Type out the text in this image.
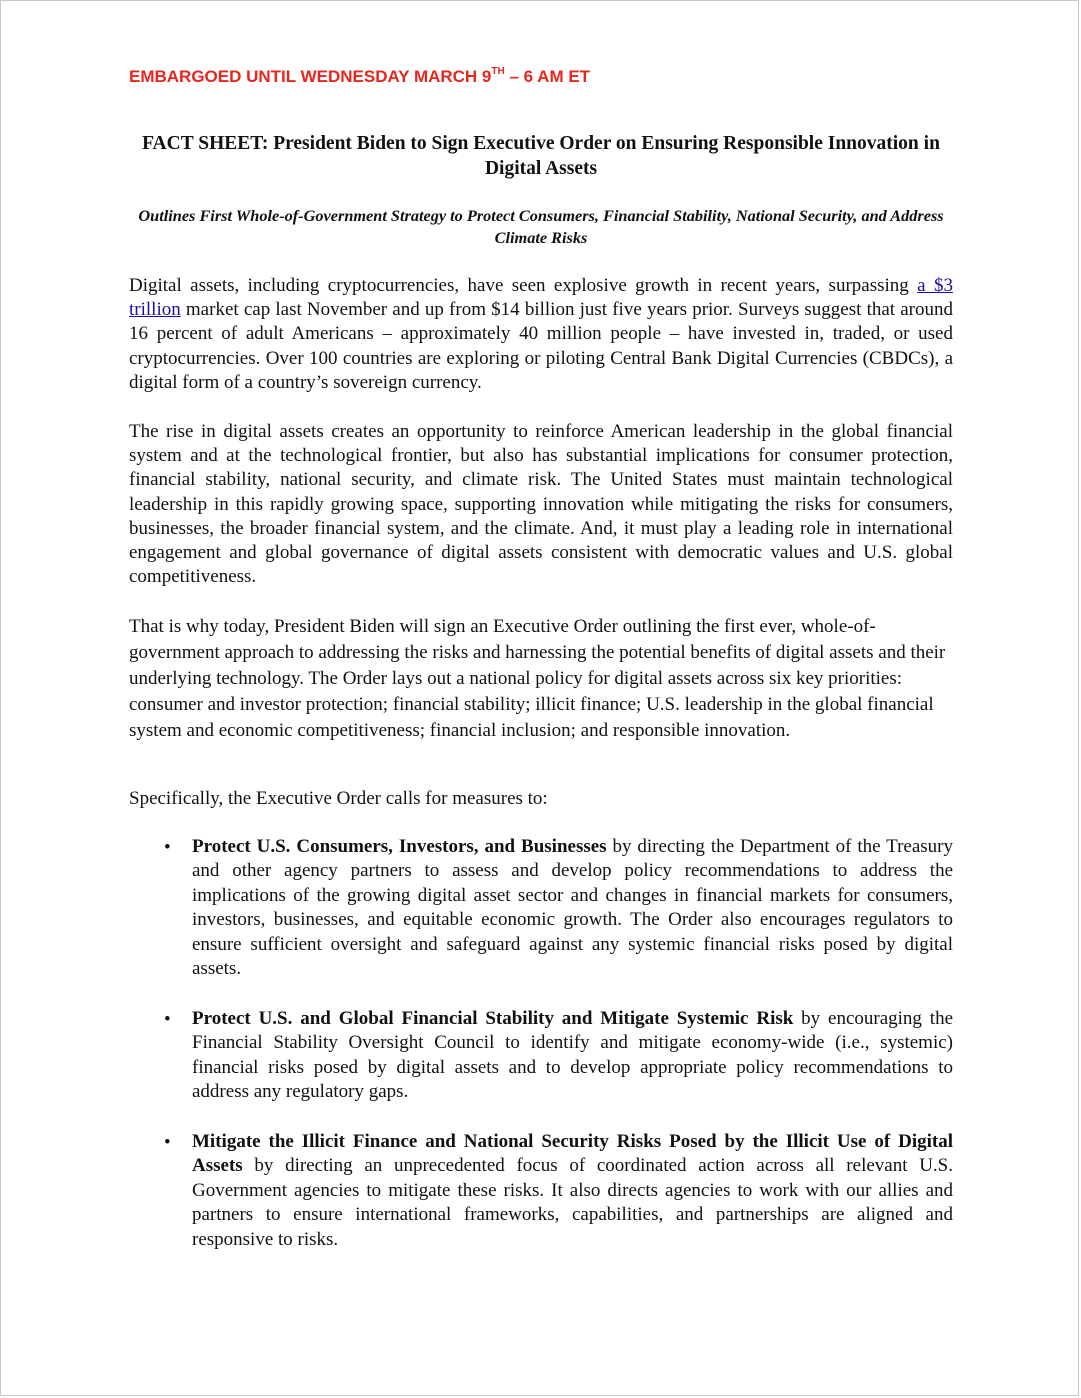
EMBARGOED UNTIL WEDNESDAY MARCH 9TH – 6 AM ET
FACT SHEET: President Biden to Sign Executive Order on Ensuring Responsible Innovation in Digital Assets
Outlines First Whole-of-Government Strategy to Protect Consumers, Financial Stability, National Security, and Address Climate Risks
Digital assets, including cryptocurrencies, have seen explosive growth in recent years, surpassing a $3 trillion market cap last November and up from $14 billion just five years prior. Surveys suggest that around 16 percent of adult Americans – approximately 40 million people – have invested in, traded, or used cryptocurrencies. Over 100 countries are exploring or piloting Central Bank Digital Currencies (CBDCs), a digital form of a country’s sovereign currency.
The rise in digital assets creates an opportunity to reinforce American leadership in the global financial system and at the technological frontier, but also has substantial implications for consumer protection, financial stability, national security, and climate risk. The United States must maintain technological leadership in this rapidly growing space, supporting innovation while mitigating the risks for consumers, businesses, the broader financial system, and the climate. And, it must play a leading role in international engagement and global governance of digital assets consistent with democratic values and U.S. global competitiveness.
That is why today, President Biden will sign an Executive Order outlining the first ever, whole-of-government approach to addressing the risks and harnessing the potential benefits of digital assets and their underlying technology. The Order lays out a national policy for digital assets across six key priorities: consumer and investor protection; financial stability; illicit finance; U.S. leadership in the global financial system and economic competitiveness; financial inclusion; and responsible innovation.
Specifically, the Executive Order calls for measures to:
• Protect U.S. Consumers, Investors, and Businesses by directing the Department of the Treasury and other agency partners to assess and develop policy recommendations to address the implications of the growing digital asset sector and changes in financial markets for consumers, investors, businesses, and equitable economic growth. The Order also encourages regulators to ensure sufficient oversight and safeguard against any systemic financial risks posed by digital assets.
• Protect U.S. and Global Financial Stability and Mitigate Systemic Risk by encouraging the Financial Stability Oversight Council to identify and mitigate economy-wide (i.e., systemic) financial risks posed by digital assets and to develop appropriate policy recommendations to address any regulatory gaps.
• Mitigate the Illicit Finance and National Security Risks Posed by the Illicit Use of Digital Assets by directing an unprecedented focus of coordinated action across all relevant U.S. Government agencies to mitigate these risks. It also directs agencies to work with our allies and partners to ensure international frameworks, capabilities, and partnerships are aligned and responsive to risks.
